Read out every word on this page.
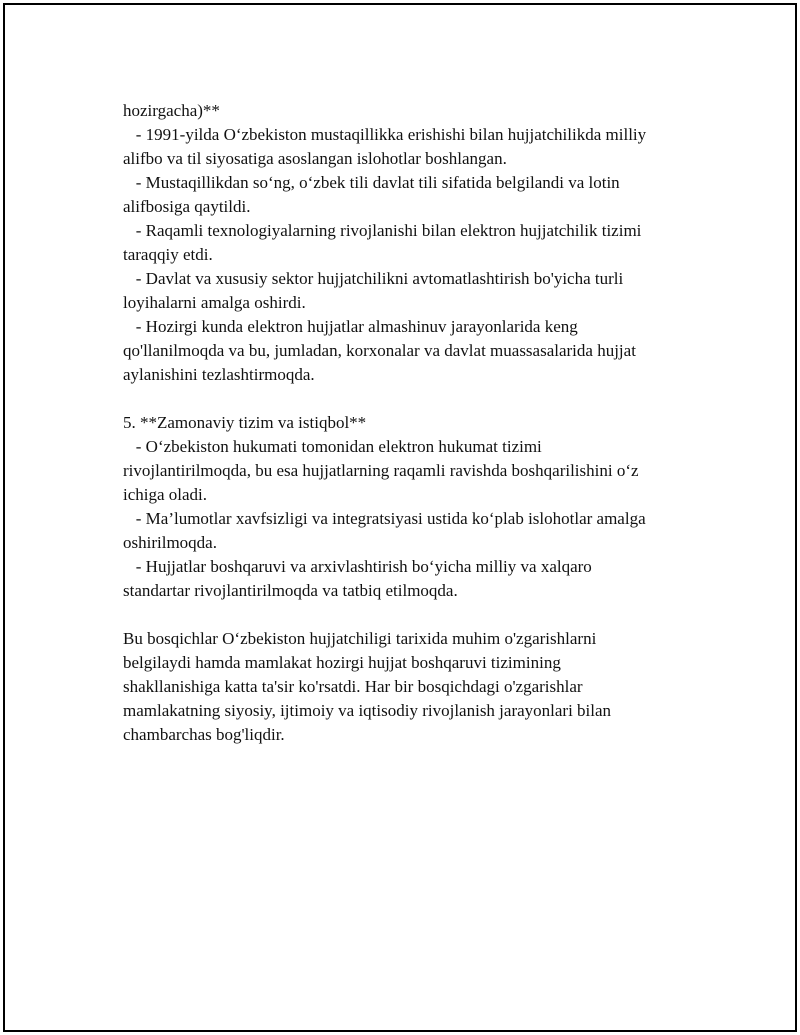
hozirgacha)**
- 1991-yilda O‘zbekiston mustaqillikka erishishi bilan hujjatchilikda milliy
alifbo va til siyosatiga asoslangan islohotlar boshlangan.
- Mustaqillikdan so‘ng, o‘zbek tili davlat tili sifatida belgilandi va lotin
alifbosiga qaytildi.
- Raqamli texnologiyalarning rivojlanishi bilan elektron hujjatchilik tizimi
taraqqiy etdi.
- Davlat va xususiy sektor hujjatchilikni avtomatlashtirish bo'yicha turli
loyihalarni amalga oshirdi.
- Hozirgi kunda elektron hujjatlar almashinuv jarayonlarida keng
qo'llanilmoqda va bu, jumladan, korxonalar va davlat muassasalarida hujjat
aylanishini tezlashtirmoqda.
5. **Zamonaviy tizim va istiqbol**
- O‘zbekiston hukumati tomonidan elektron hukumat tizimi
rivojlantirilmoqda, bu esa hujjatlarning raqamli ravishda boshqarilishini o‘z
ichiga oladi.
- Ma’lumotlar xavfsizligi va integratsiyasi ustida ko‘plab islohotlar amalga
oshirilmoqda.
- Hujjatlar boshqaruvi va arxivlashtirish bo‘yicha milliy va xalqaro
standartar rivojlantirilmoqda va tatbiq etilmoqda.
Bu bosqichlar O‘zbekiston hujjatchiligi tarixida muhim o'zgarishlarni
belgilaydi hamda mamlakat hozirgi hujjat boshqaruvi tizimining
shakllanishiga katta ta'sir ko'rsatdi. Har bir bosqichdagi o'zgarishlar
mamlakatning siyosiy, ijtimoiy va iqtisodiy rivojlanish jarayonlari bilan
chambarchas bog'liqdir.
